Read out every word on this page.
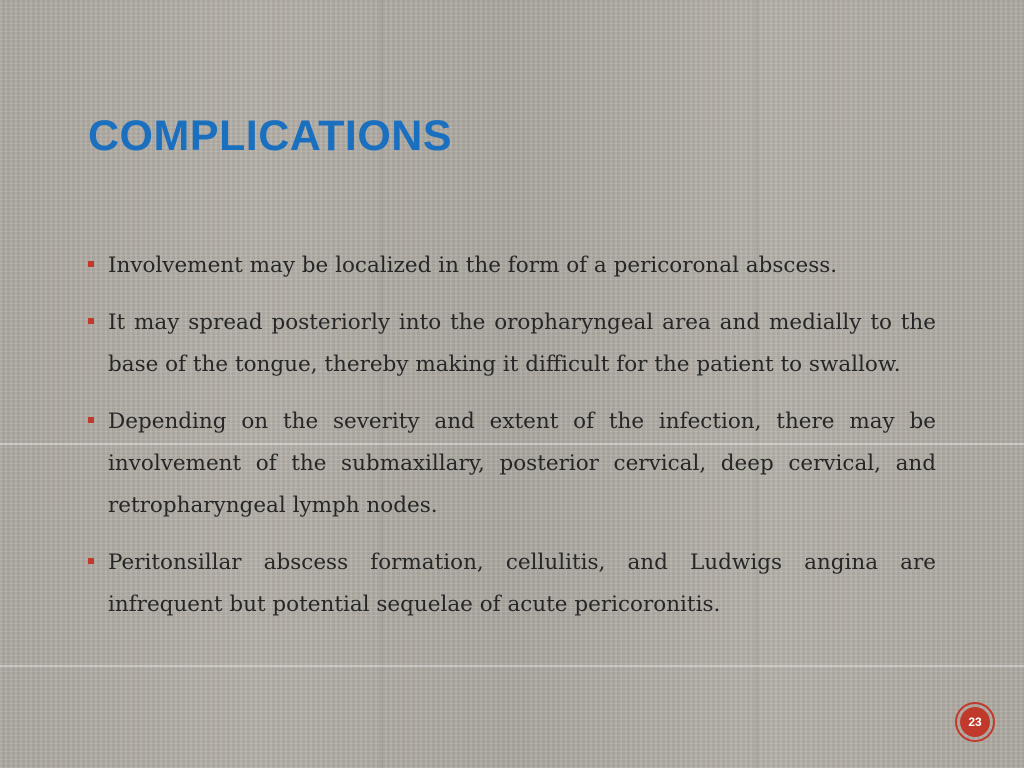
COMPLICATIONS
Involvement may be localized in the form of a pericoronal abscess.
It may spread posteriorly into the oropharyngeal area and medially to the base of the tongue, thereby making it difficult for the patient to swallow.
Depending on the severity and extent of the infection, there may be involvement of the submaxillary, posterior cervical, deep cervical, and retropharyngeal lymph nodes.
Peritonsillar abscess formation, cellulitis, and Ludwigs angina are infrequent but potential sequelae of acute pericoronitis.
23
